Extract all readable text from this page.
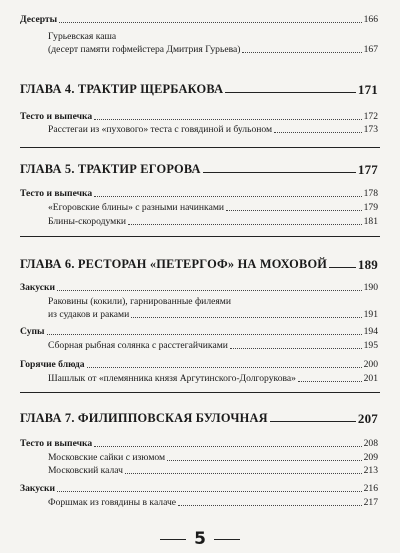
Десерты	166
Гурьевская каша
(десерт памяти гофмейстера Дмитрия Гурьева)	167
ГЛАВА 4. ТРАКТИР ЩЕРБАКОВА	171
Тесто и выпечка	172
Расстегаи из «пухового» теста с говядиной и бульоном	173
ГЛАВА 5. ТРАКТИР ЕГОРОВА	177
Тесто и выпечка	178
«Егоровские блины» с разными начинками	179
Блины-скородумки	181
ГЛАВА 6. РЕСТОРАН «ПЕТЕРГОФ» НА МОХОВОЙ 189
Закуски	190
Раковины (кокили), гарнированные филеями
из судаков и раками	191
Супы	194
Сборная рыбная солянка с расстегайчиками	195
Горячие блюда	200
Шашлык от «племянника князя Аргутинского-Долгорукова»	201
ГЛАВА 7. ФИЛИППОВСКАЯ БУЛОЧНАЯ	207
Тесто и выпечка	208
Московские сайки с изюмом	209
Московский калач	213
Закуски	216
Форшмак из говядины в калаче	217
5
